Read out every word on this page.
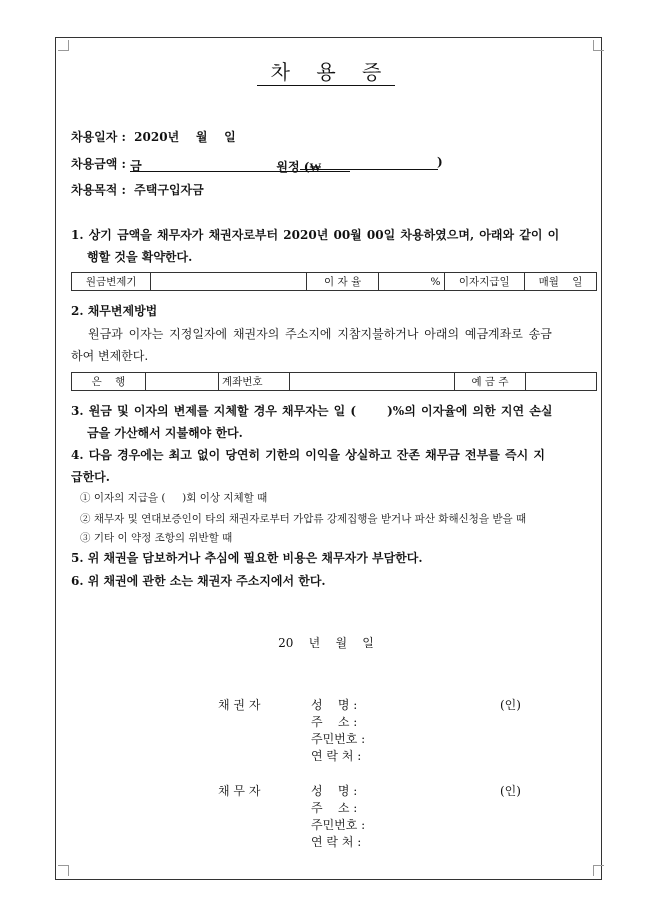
차 용 증
차용일자 : 2020년    월    일
차용금액 : 금
	원정 (₩	)
차용목적 : 주택구입자금
1. 상기 금액을 채무자가 채권자로부터 2020년 00월 00일 차용하였으며, 아래와 같이 이
행할 것을 확약한다.
원금변제기		이 자 율	%	이자지급일	매월    일
2. 채무변제방법
원금과 이자는 지정일자에 채권자의 주소지에 지참지불하거나 아래의 예금계좌로 송금
하여 변제한다.
은    행		계좌번호		예 금 주	
3. 원금 및 이자의 변제를 지체할 경우 채무자는 일 (      )%의 이자율에 의한 지연 손실
금을 가산해서 지불해야 한다.
4. 다음 경우에는 최고 없이 당연히 기한의 이익을 상실하고 잔존 채무금 전부를 즉시 지
급한다.
① 이자의 지급을 (     )회 이상 지체할 때
② 채무자 및 연대보증인이 타의 채권자로부터 가압류 강제집행을 받거나 파산 화해신청을 받을 때
③ 기타 이 약정 조항의 위반할 때
5. 위 채권을 담보하거나 추심에 필요한 비용은 채무자가 부담한다.
6. 위 채권에 관한 소는 채권자 주소지에서 한다.
20    년    월    일
채 권 자	성    명 :
주    소 :
주민번호 :
연 락 처 :
(인)
채 무 자	성    명 :
주    소 :
주민번호 :
연 락 처 :
(인)
